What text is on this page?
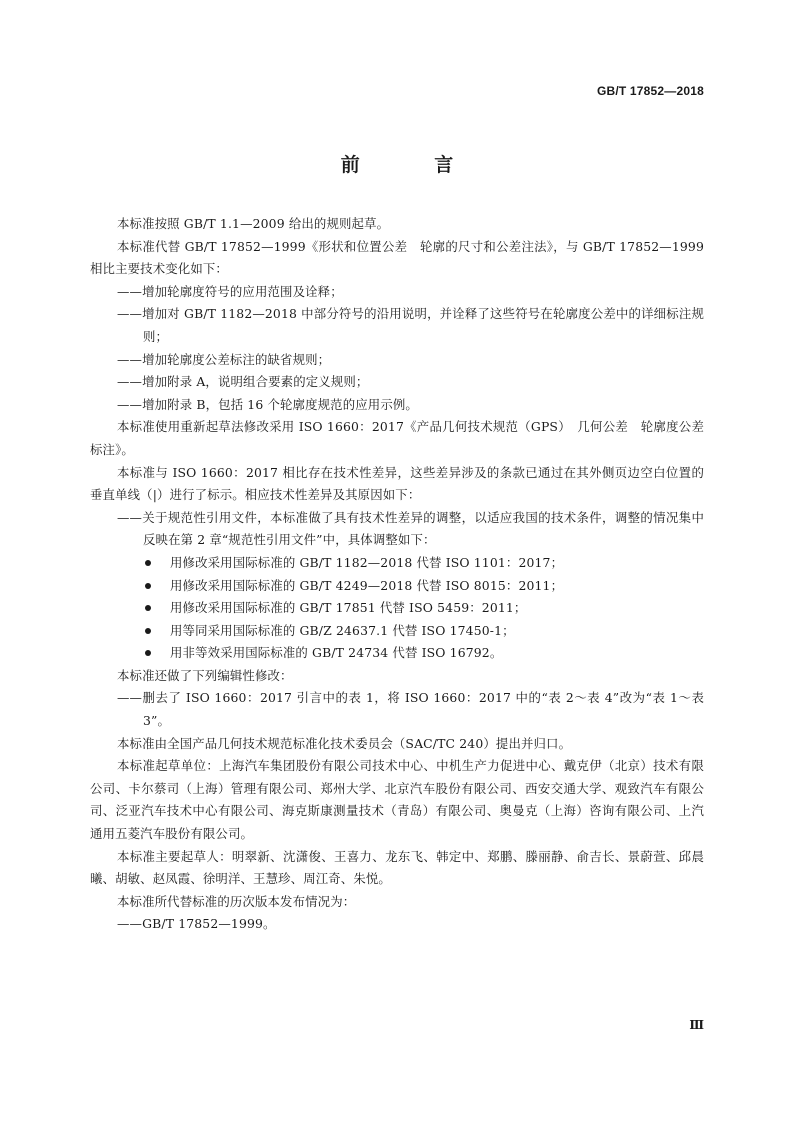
GB/T 17852—2018
前 言

本标准按照 GB/T 1.1—2009 给出的规则起草。

本标准代替 GB/T 17852—1999《形状和位置公差　轮廓的尺寸和公差注法》，与 GB/T 17852—1999 相比主要技术变化如下：

——增加轮廓度符号的应用范围及诠释；

——增加对 GB/T 1182—2018 中部分符号的沿用说明，并诠释了这些符号在轮廓度公差中的详细标注规则；

——增加轮廓度公差标注的缺省规则；

——增加附录 A，说明组合要素的定义规则；

——增加附录 B，包括 16 个轮廓度规范的应用示例。

本标准使用重新起草法修改采用 ISO 1660：2017《产品几何技术规范（GPS）　几何公差　轮廓度公差标注》。

本标准与 ISO 1660：2017 相比存在技术性差异，这些差异涉及的条款已通过在其外侧页边空白位置的垂直单线（|）进行了标示。相应技术性差异及其原因如下：

——关于规范性引用文件，本标准做了具有技术性差异的调整，以适应我国的技术条件，调整的情况集中反映在第 2 章“规范性引用文件”中，具体调整如下：

用修改采用国际标准的 GB/T 1182—2018 代替 ISO 1101：2017；

用修改采用国际标准的 GB/T 4249—2018 代替 ISO 8015：2011；

用修改采用国际标准的 GB/T 17851 代替 ISO 5459：2011；

用等同采用国际标准的 GB/Z 24637.1 代替 ISO 17450-1；

用非等效采用国际标准的 GB/T 24734 代替 ISO 16792。

本标准还做了下列编辑性修改：

——删去了 ISO 1660：2017 引言中的表 1，将 ISO 1660：2017 中的“表 2～表 4”改为“表 1～表 3”。

本标准由全国产品几何技术规范标准化技术委员会（SAC/TC 240）提出并归口。

本标准起草单位：上海汽车集团股份有限公司技术中心、中机生产力促进中心、戴克伊（北京）技术有限公司、卡尔蔡司（上海）管理有限公司、郑州大学、北京汽车股份有限公司、西安交通大学、观致汽车有限公司、泛亚汽车技术中心有限公司、海克斯康测量技术（青岛）有限公司、奥曼克（上海）咨询有限公司、上汽通用五菱汽车股份有限公司。

本标准主要起草人：明翠新、沈潇俊、王喜力、龙东飞、韩定中、郑鹏、滕丽静、俞吉长、景蔚萱、邱晨曦、胡敏、赵凤霞、徐明洋、王慧珍、周江奇、朱悦。

本标准所代替标准的历次版本发布情况为：

——GB/T 17852—1999。

Ⅲ
